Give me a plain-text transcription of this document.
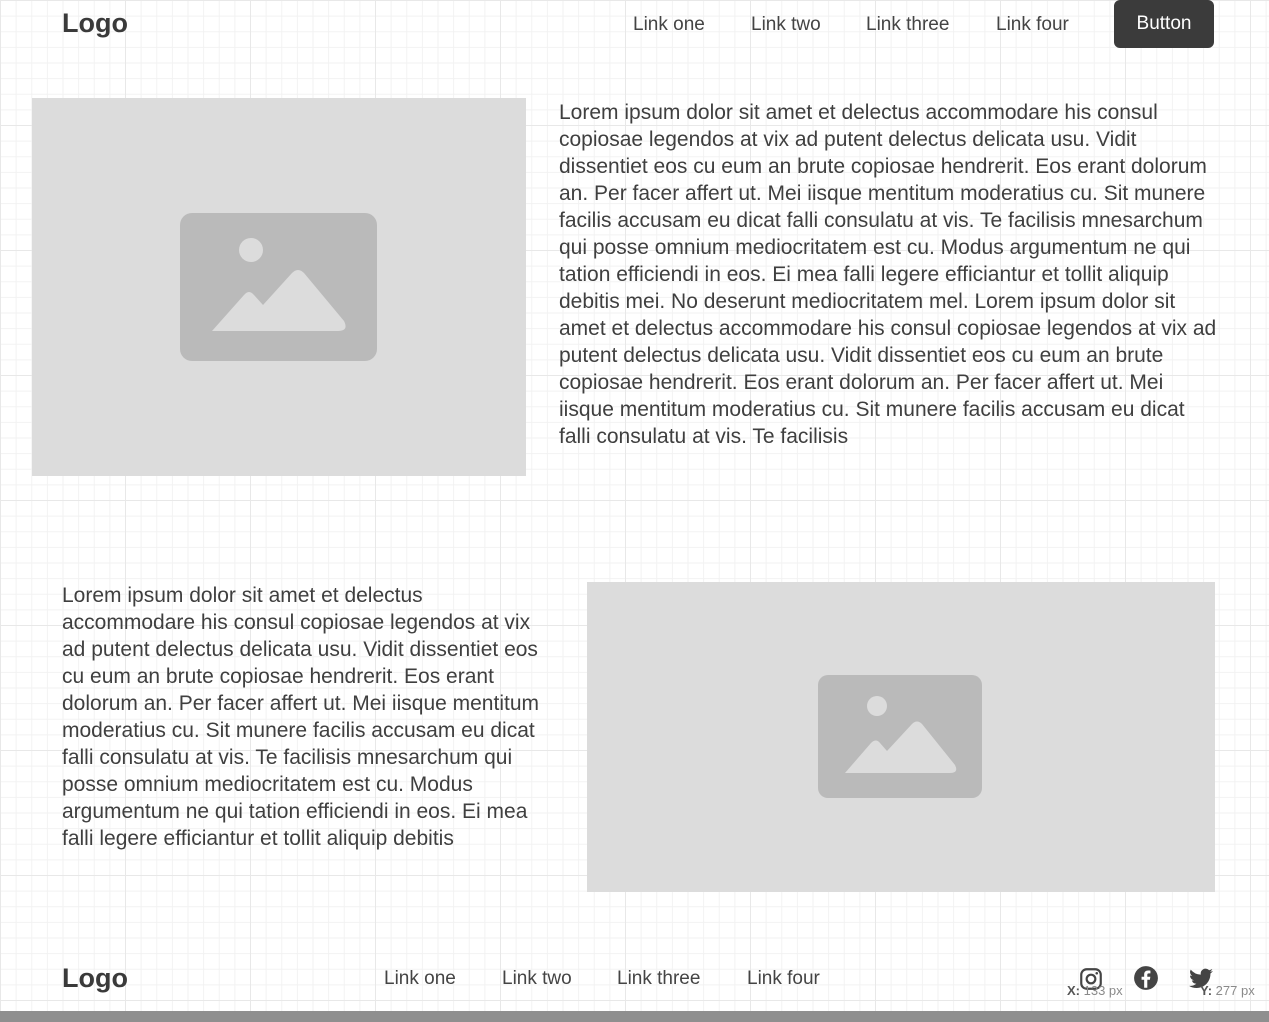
Logo	Link one Link two Link three Link four	Button
Lorem ipsum dolor sit amet et delectus accommodare his consul copiosae legendos at vix ad putent delectus delicata usu. Vidit dissentiet eos cu eum an brute copiosae hendrerit. Eos erant dolorum an. Per facer affert ut. Mei iisque mentitum moderatius cu. Sit munere facilis accusam eu dicat falli consulatu at vis. Te facilisis mnesarchum qui posse omnium mediocritatem est cu. Modus argumentum ne qui tation efficiendi in eos. Ei mea falli legere efficiantur et tollit aliquip debitis mei. No deserunt mediocritatem mel. Lorem ipsum dolor sit amet et delectus accommodare his consul copiosae legendos at vix ad putent delectus delicata usu. Vidit dissentiet eos cu eum an brute copiosae hendrerit. Eos erant dolorum an. Per facer affert ut. Mei iisque mentitum moderatius cu. Sit munere facilis accusam eu dicat falli consulatu at vis. Te facilisis
Lorem ipsum dolor sit amet et delectus accommodare his consul copiosae legendos at vix ad putent delectus delicata usu. Vidit dissentiet eos cu eum an brute copiosae hendrerit. Eos erant dolorum an. Per facer affert ut. Mei iisque mentitum moderatius cu. Sit munere facilis accusam eu dicat falli consulatu at vis. Te facilisis mnesarchum qui posse omnium mediocritatem est cu. Modus argumentum ne qui tation efficiendi in eos. Ei mea falli legere efficiantur et tollit aliquip debitis
Logo	Link one Link two Link three Link four
X: 133 px	Y: 277 px
